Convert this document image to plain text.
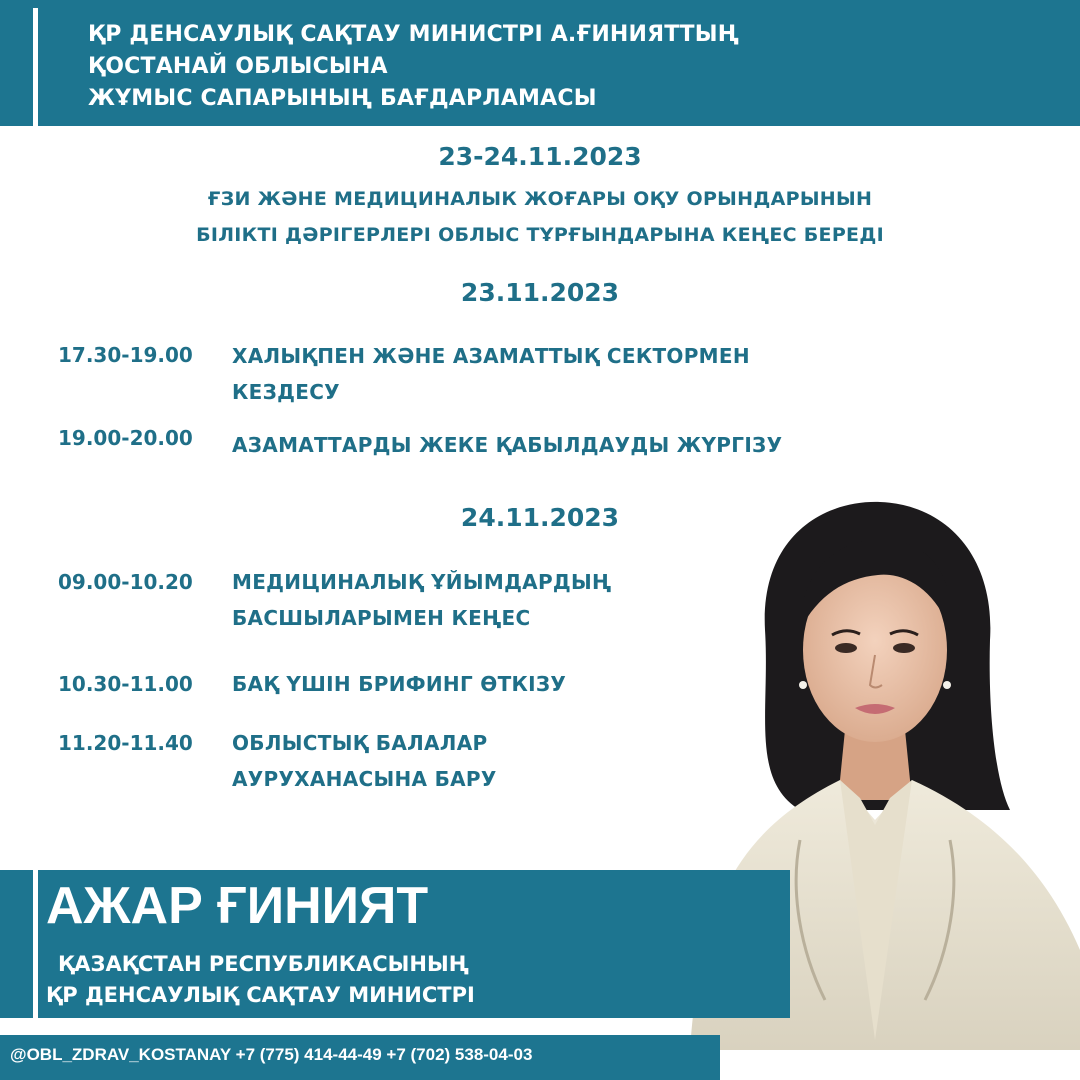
ҚР ДЕНСАУЛЫҚ САҚТАУ МИНИСТРІ А.ҒИНИЯТТЫҢ
ҚОСТАНАЙ ОБЛЫСЫНА
ЖҰМЫС САПАРЫНЫҢ БАҒДАРЛАМАСЫ
23-24.11.2023
ҒЗИ ЖӘНЕ МЕДИЦИНАЛЫК ЖОҒАРЫ ОҚУ ОРЫНДАРЫНЫН
БІЛІКТІ ДӘРІГЕРЛЕРІ ОБЛЫС ТҰРҒЫНДАРЫНА КЕҢЕС БЕРЕДІ
23.11.2023
17.30-19.00 ХАЛЫҚПЕН ЖӘНЕ АЗАМАТТЫҚ СЕКТОРМЕН
КЕЗДЕСУ
19.00-20.00 АЗАМАТТАРДЫ ЖЕКЕ ҚАБЫЛДАУДЫ ЖҮРГІЗУ
24.11.2023
09.00-10.20 МЕДИЦИНАЛЫҚ ҰЙЫМДАРДЫҢ
БАСШЫЛАРЫМЕН КЕҢЕС
10.30-11.00 БАҚ ҮШІН БРИФИНГ ӨТКІЗУ
11.20-11.40 ОБЛЫСТЫҚ БАЛАЛАР
АУРУХАНАСЫНА БАРУ
АЖАР ҒИНИЯТ
ҚАЗАҚСТАН РЕСПУБЛИКАСЫНЫҢ
ҚР ДЕНСАУЛЫҚ САҚТАУ МИНИСТРІ
@OBL_ZDRAV_KOSTANAY +7 (775) 414-44-49 +7 (702) 538-04-03
